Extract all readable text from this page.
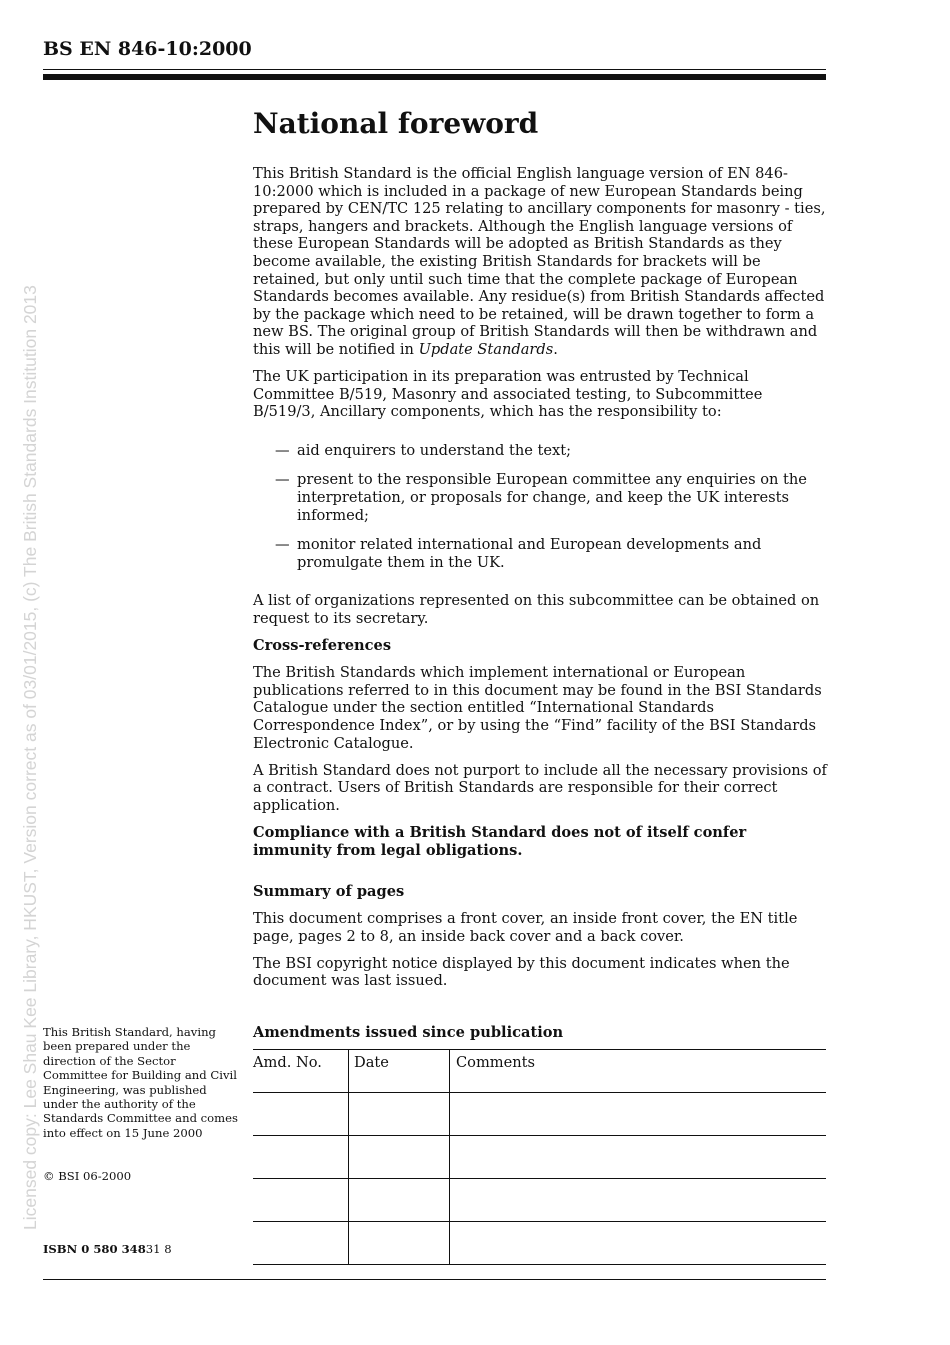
BS EN 846-10:2000
Licensed copy: Lee Shau Kee Library, HKUST, Version correct as of 03/01/2015, (c) The British Standards Institution 2013

National foreword

This British Standard is the official English language version of EN 846-10:2000 which is included in a package of new European Standards being prepared by CEN/TC 125 relating to ancillary components for masonry - ties, straps, hangers and brackets. Although the English language versions of these European Standards will be adopted as British Standards as they become available, the existing British Standards for brackets will be retained, but only until such time that the complete package of European Standards becomes available. Any residue(s) from British Standards affected by the package which need to be retained, will be drawn together to form a new BS. The original group of British Standards will then be withdrawn and this will be notified in Update Standards.

The UK participation in its preparation was entrusted by Technical Committee B/519, Masonry and associated testing, to Subcommittee B/519/3, Ancillary components, which has the responsibility to:

— aid enquirers to understand the text;
— present to the responsible European committee any enquiries on the interpretation, or proposals for change, and keep the UK interests informed;
— monitor related international and European developments and promulgate them in the UK.

A list of organizations represented on this subcommittee can be obtained on request to its secretary.

Cross-references

The British Standards which implement international or European publications referred to in this document may be found in the BSI Standards Catalogue under the section entitled “International Standards Correspondence Index”, or by using the “Find” facility of the BSI Standards Electronic Catalogue.

A British Standard does not purport to include all the necessary provisions of a contract. Users of British Standards are responsible for their correct application.

Compliance with a British Standard does not of itself confer immunity from legal obligations.

Summary of pages

This document comprises a front cover, an inside front cover, the EN title page, pages 2 to 8, an inside back cover and a back cover.

The BSI copyright notice displayed by this document indicates when the document was last issued.

Amendments issued since publication
Amd. No.	Date	Comments

This British Standard, having been prepared under the direction of the Sector Committee for Building and Civil Engineering, was published under the authority of the Standards Committee and comes into effect on 15 June 2000
© BSI 06-2000
ISBN 0 580 34831 8
